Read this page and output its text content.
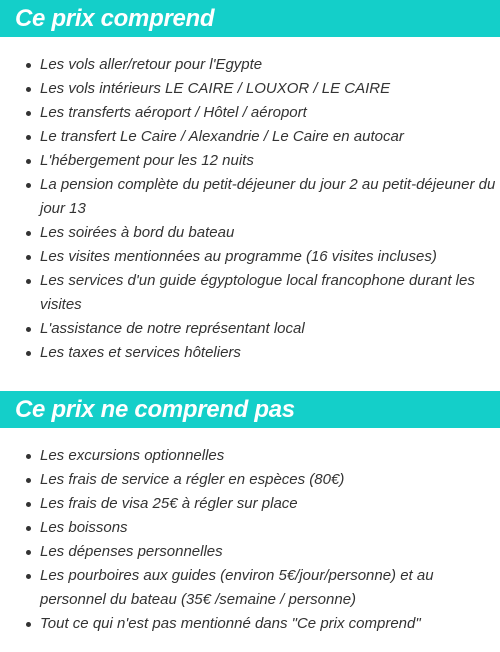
Ce prix comprend
Les vols aller/retour pour l'Egypte
Les vols intérieurs LE CAIRE / LOUXOR / LE CAIRE
Les transferts aéroport / Hôtel / aéroport
Le transfert Le Caire / Alexandrie / Le Caire en autocar
L'hébergement pour les 12 nuits
La pension complète du petit-déjeuner du jour 2 au petit-déjeuner du jour 13
Les soirées à bord du bateau
Les visites mentionnées au programme (16 visites incluses)
Les services d'un guide égyptologue local francophone durant les visites
L'assistance de notre représentant local
Les taxes et services hôteliers
Ce prix ne comprend pas
Les excursions optionnelles
Les frais de service a régler en espèces (80€)
Les frais de visa 25€ à régler sur place
Les boissons
Les dépenses personnelles
Les pourboires aux guides (environ 5€/jour/personne) et au personnel du bateau (35€ /semaine / personne)
Tout ce qui n'est pas mentionné dans "Ce prix comprend"
